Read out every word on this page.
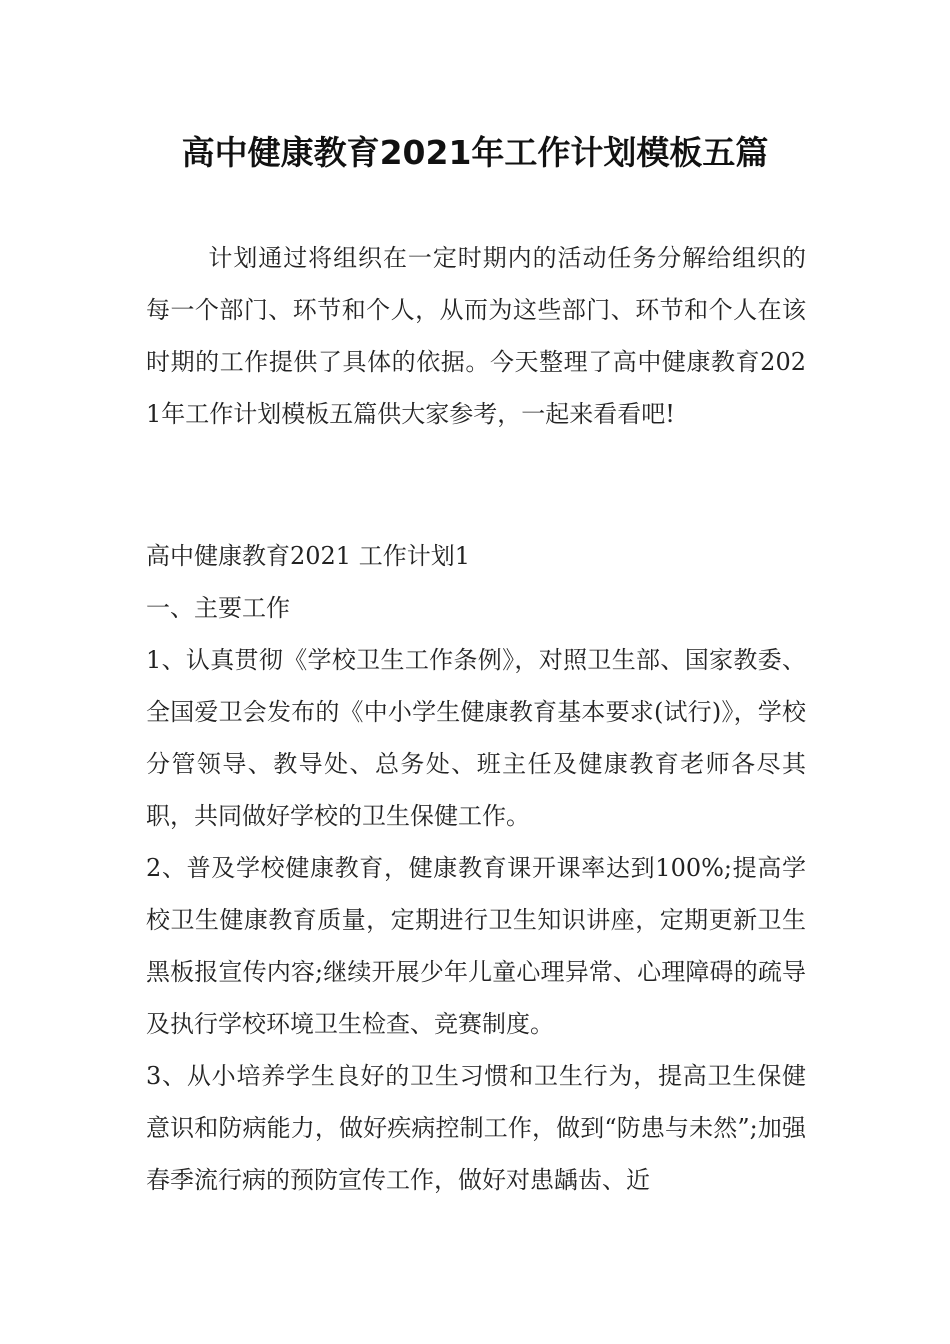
高中健康教育2021年工作计划模板五篇

计划通过将组织在一定时期内的活动任务分解给组织的每一个部门、环节和个人，从而为这些部门、环节和个人在该时期的工作提供了具体的依据。今天整理了高中健康教育2021年工作计划模板五篇供大家参考，一起来看看吧!

高中健康教育2021 工作计划1

一、主要工作

1、认真贯彻《学校卫生工作条例》，对照卫生部、国家教委、全国爱卫会发布的《中小学生健康教育基本要求(试行)》，学校分管领导、教导处、总务处、班主任及健康教育老师各尽其职，共同做好学校的卫生保健工作。

2、普及学校健康教育，健康教育课开课率达到100%;提高学校卫生健康教育质量，定期进行卫生知识讲座，定期更新卫生黑板报宣传内容;继续开展少年儿童心理异常、心理障碍的疏导及执行学校环境卫生检查、竞赛制度。

3、从小培养学生良好的卫生习惯和卫生行为，提高卫生保健意识和防病能力，做好疾病控制工作，做到“防患与未然”;加强春季流行病的预防宣传工作，做好对患龋齿、近
